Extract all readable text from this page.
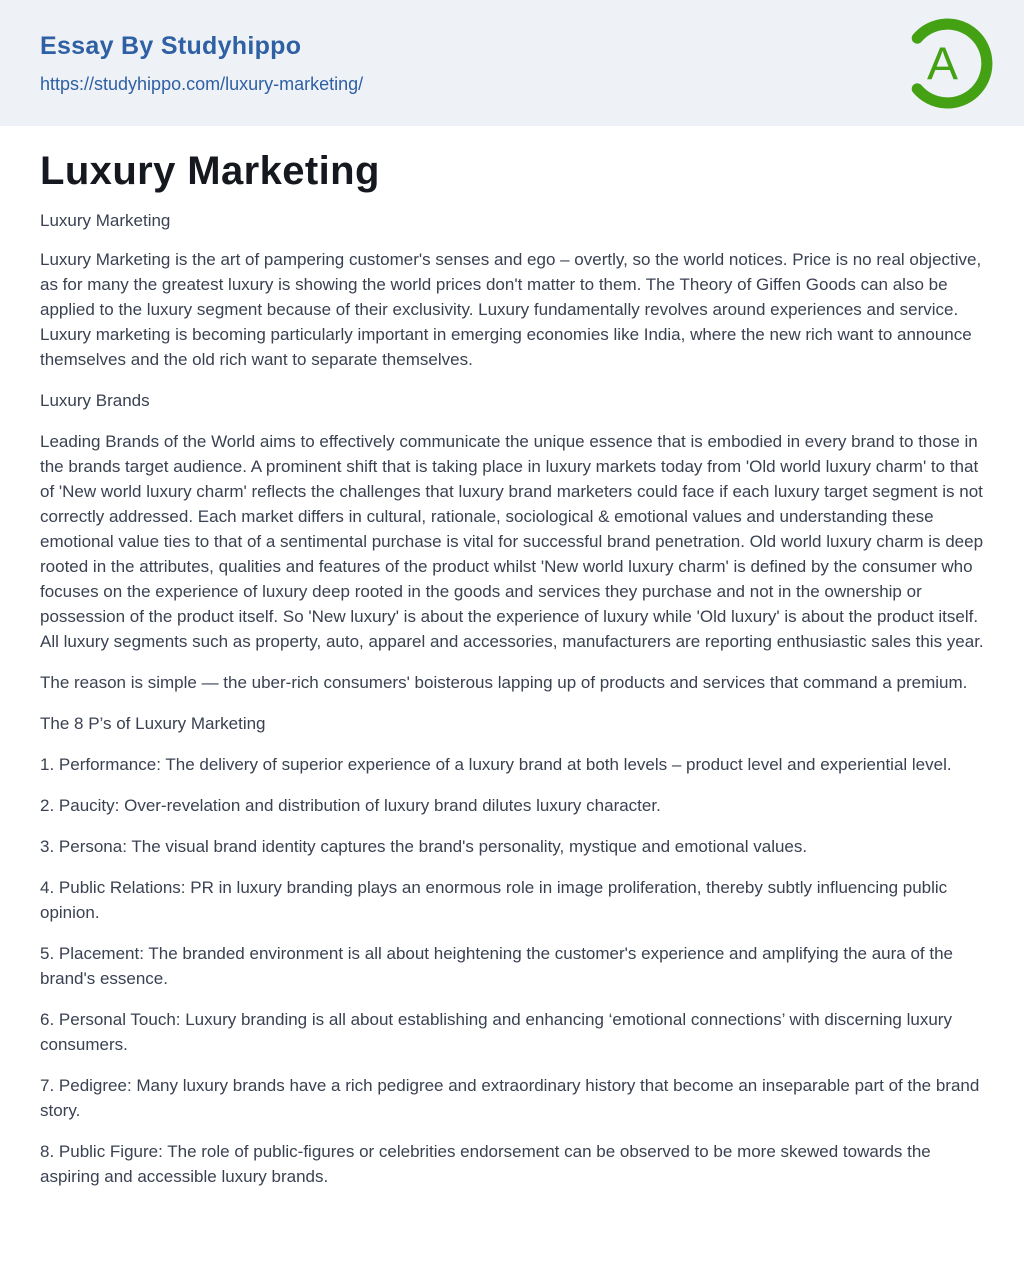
Essay By Studyhippo
https://studyhippo.com/luxury-marketing/	A
Luxury Marketing

Luxury Marketing

Luxury Marketing is the art of pampering customer's senses and ego – overtly, so the world notices. Price is no real objective, as for many the greatest luxury is showing the world prices don't matter to them. The Theory of Giffen Goods can also be applied to the luxury segment because of their exclusivity. Luxury fundamentally revolves around experiences and service. Luxury marketing is becoming particularly important in emerging economies like India, where the new rich want to announce themselves and the old rich want to separate themselves.

Luxury Brands

Leading Brands of the World aims to effectively communicate the unique essence that is embodied in every brand to those in the brands target audience. A prominent shift that is taking place in luxury markets today from 'Old world luxury charm' to that of 'New world luxury charm' reflects the challenges that luxury brand marketers could face if each luxury target segment is not correctly addressed. Each market differs in cultural, rationale, sociological & emotional values and understanding these emotional value ties to that of a sentimental purchase is vital for successful brand penetration. Old world luxury charm is deep rooted in the attributes, qualities and features of the product whilst 'New world luxury charm' is defined by the consumer who focuses on the experience of luxury deep rooted in the goods and services they purchase and not in the ownership or possession of the product itself. So 'New luxury' is about the experience of luxury while 'Old luxury' is about the product itself. All luxury segments such as property, auto, apparel and accessories, manufacturers are reporting enthusiastic sales this year.

The reason is simple — the uber-rich consumers' boisterous lapping up of products and services that command a premium.

The 8 P’s of Luxury Marketing

1. Performance: The delivery of superior experience of a luxury brand at both levels – product level and experiential level.

2. Paucity: Over-revelation and distribution of luxury brand dilutes luxury character.

3. Persona: The visual brand identity captures the brand's personality, mystique and emotional values.

4. Public Relations: PR in luxury branding plays an enormous role in image proliferation, thereby subtly influencing public opinion.

5. Placement: The branded environment is all about heightening the customer's experience and amplifying the aura of the brand's essence.

6. Personal Touch: Luxury branding is all about establishing and enhancing ‘emotional connections’ with discerning luxury consumers.

7. Pedigree: Many luxury brands have a rich pedigree and extraordinary history that become an inseparable part of the brand story.

8. Public Figure: The role of public-figures or celebrities endorsement can be observed to be more skewed towards the aspiring and accessible luxury brands.
